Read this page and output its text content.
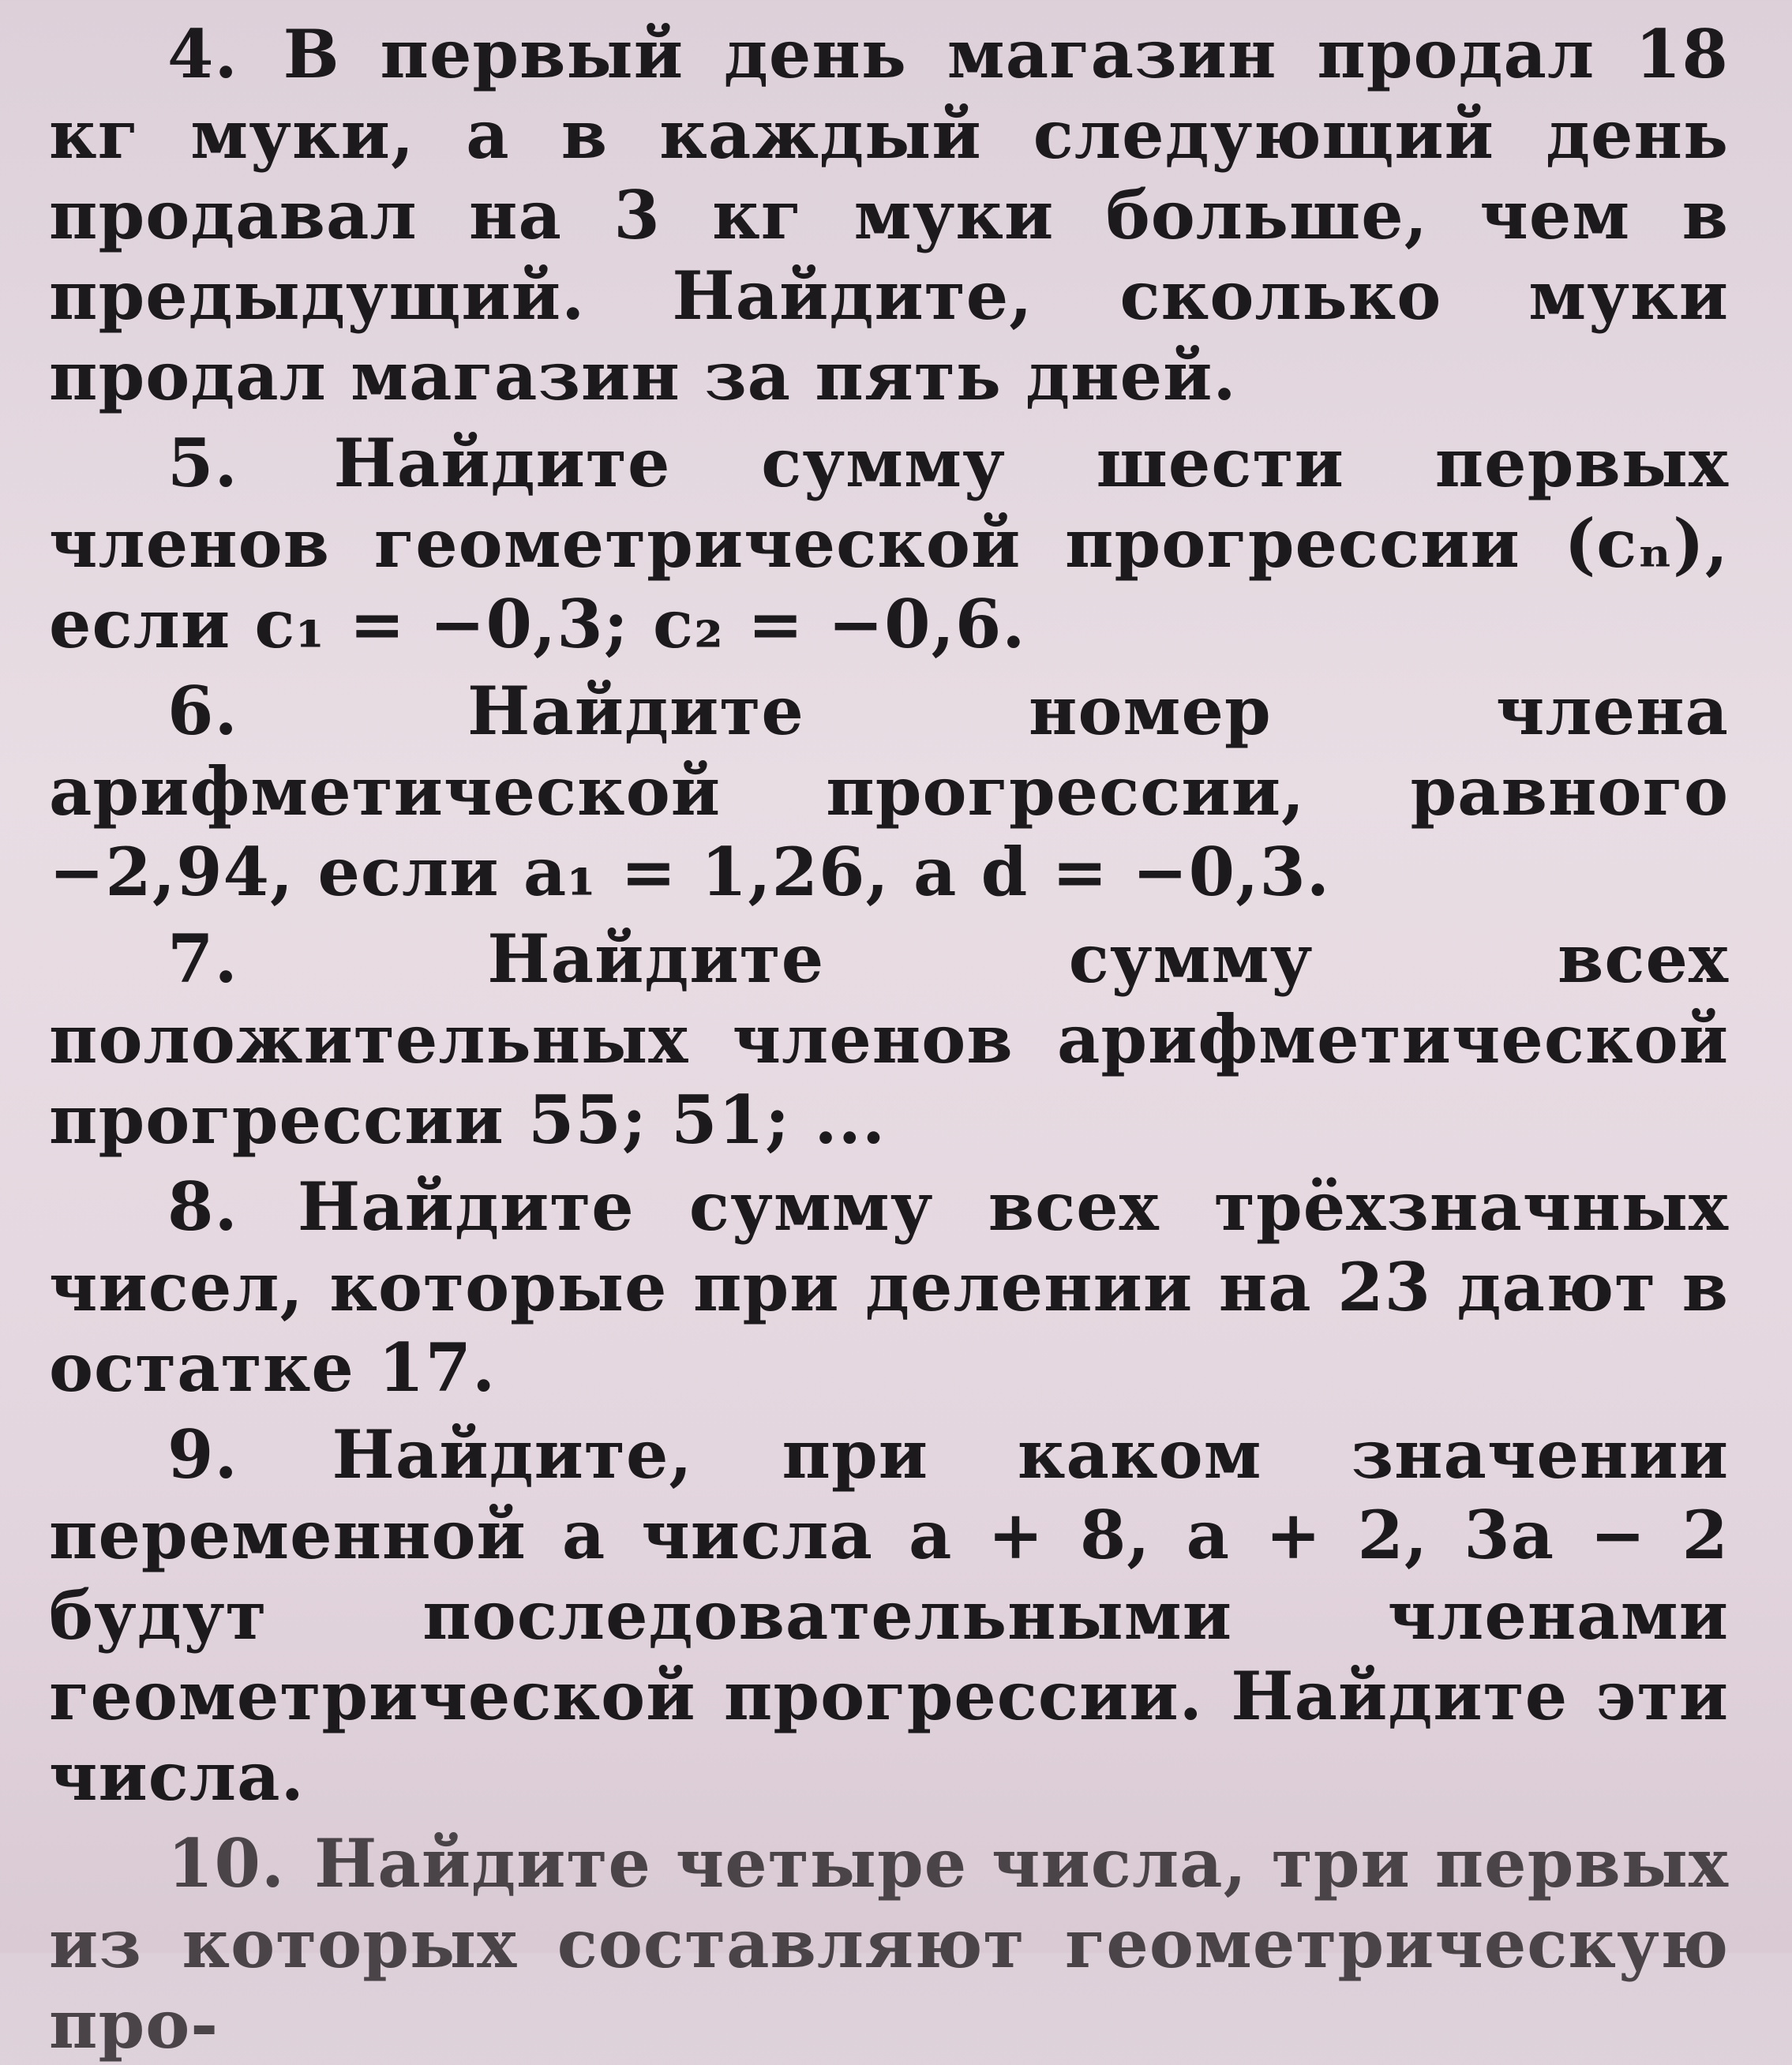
4. В первый день магазин продал 18 кг муки, а в каждый следующий день продавал на 3 кг муки больше, чем в предыдущий. Найдите, сколько муки продал магазин за пять дней.

5. Найдите сумму шести первых членов геометрической прогрессии (cₙ), если c₁ = −0,3; c₂ = −0,6.

6.	Найдите номер члена арифметической прогрессии, равного −2,94, если a₁ = 1,26, а d = −0,3.

7.	Найдите сумму всех положительных членов арифметической прогрессии 55; 51; ...

8. Найдите сумму всех трёхзначных чисел, которые при делении на 23 дают в остатке 17.

9. Найдите, при каком значении переменной a числа a + 8, a + 2, 3a − 2 будут последовательными членами геометрической прогрессии. Найдите эти числа.

10. Найдите четыре числа, три первых из которых составляют геометрическую про-
